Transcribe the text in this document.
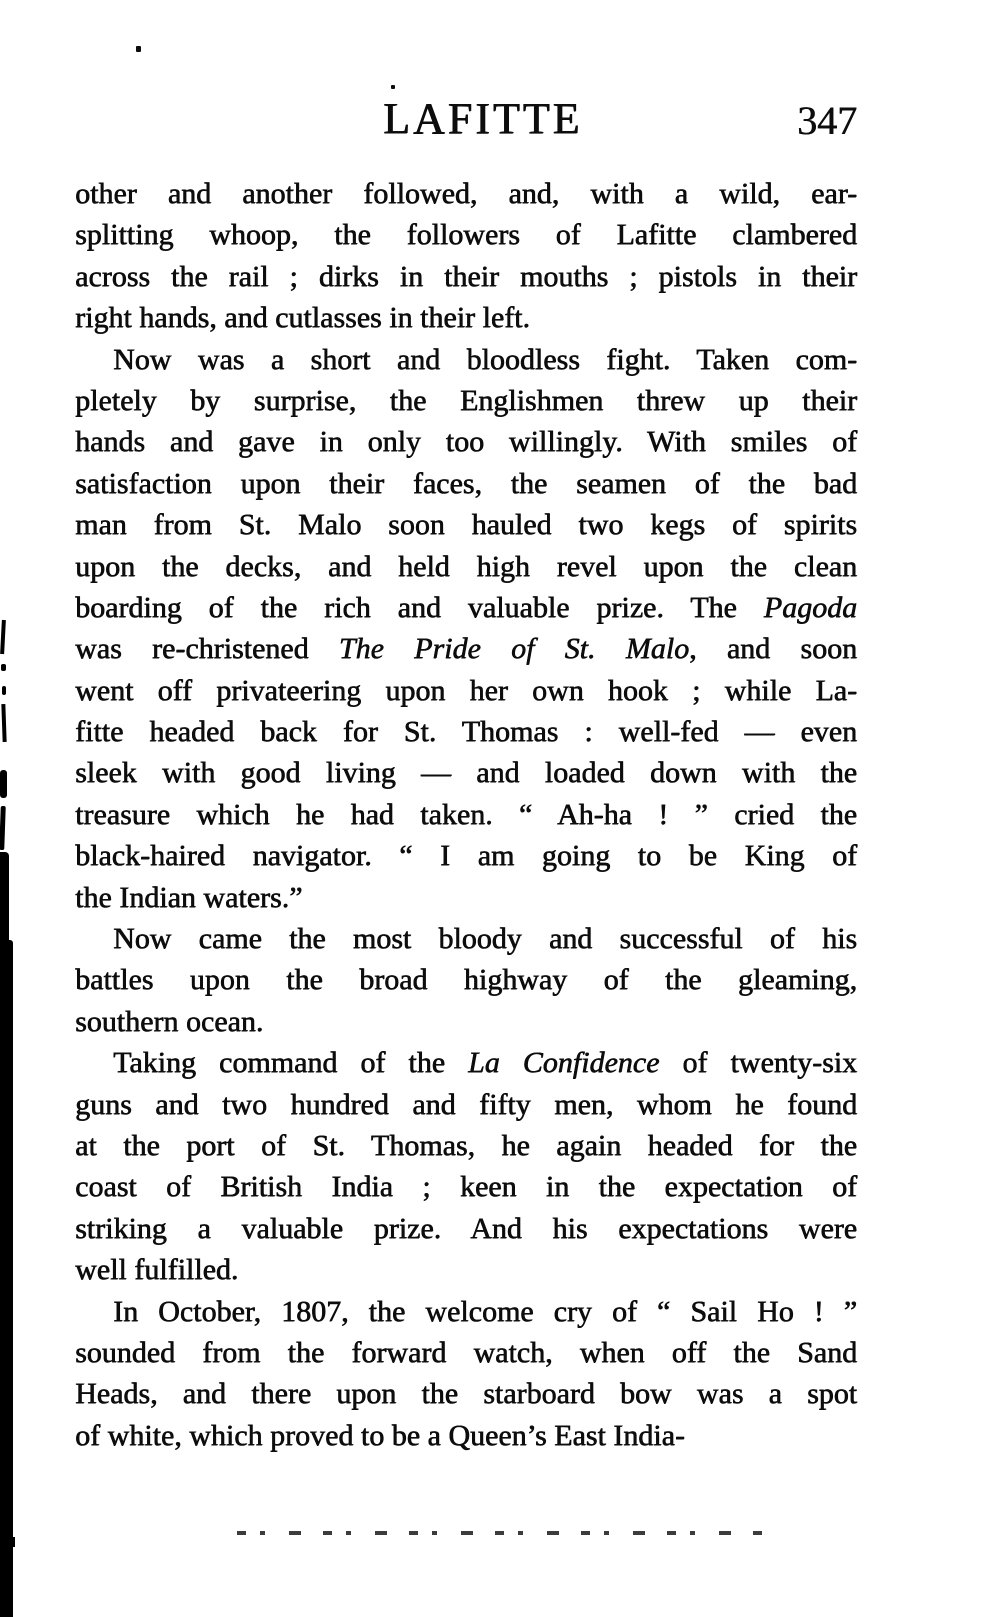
LAFITTE	347
other and another followed, and, with a wild, ear-
splitting whoop, the followers of Lafitte clambered
across the rail ; dirks in their mouths ; pistols in their
right hands, and cutlasses in their left.
Now was a short and bloodless fight. Taken com-
pletely by surprise, the Englishmen threw up their
hands and gave in only too willingly. With smiles of
satisfaction upon their faces, the seamen of the bad
man from St. Malo soon hauled two kegs of spirits
upon the decks, and held high revel upon the clean
boarding of the rich and valuable prize. The Pagoda
was re-christened The Pride of St. Malo, and soon
went off privateering upon her own hook ; while La-
fitte headed back for St. Thomas : well-fed — even
sleek with good living — and loaded down with the
treasure which he had taken. “ Ah-ha ! ” cried the
black-haired navigator. “ I am going to be King of
the Indian waters.”
Now came the most bloody and successful of his
battles upon the broad highway of the gleaming,
southern ocean.
Taking command of the La Confidence of twenty-six
guns and two hundred and fifty men, whom he found
at the port of St. Thomas, he again headed for the
coast of British India ; keen in the expectation of
striking a valuable prize. And his expectations were
well fulfilled.
In October, 1807, the welcome cry of “ Sail Ho ! ”
sounded from the forward watch, when off the Sand
Heads, and there upon the starboard bow was a spot
of white, which proved to be a Queen’s East India-
